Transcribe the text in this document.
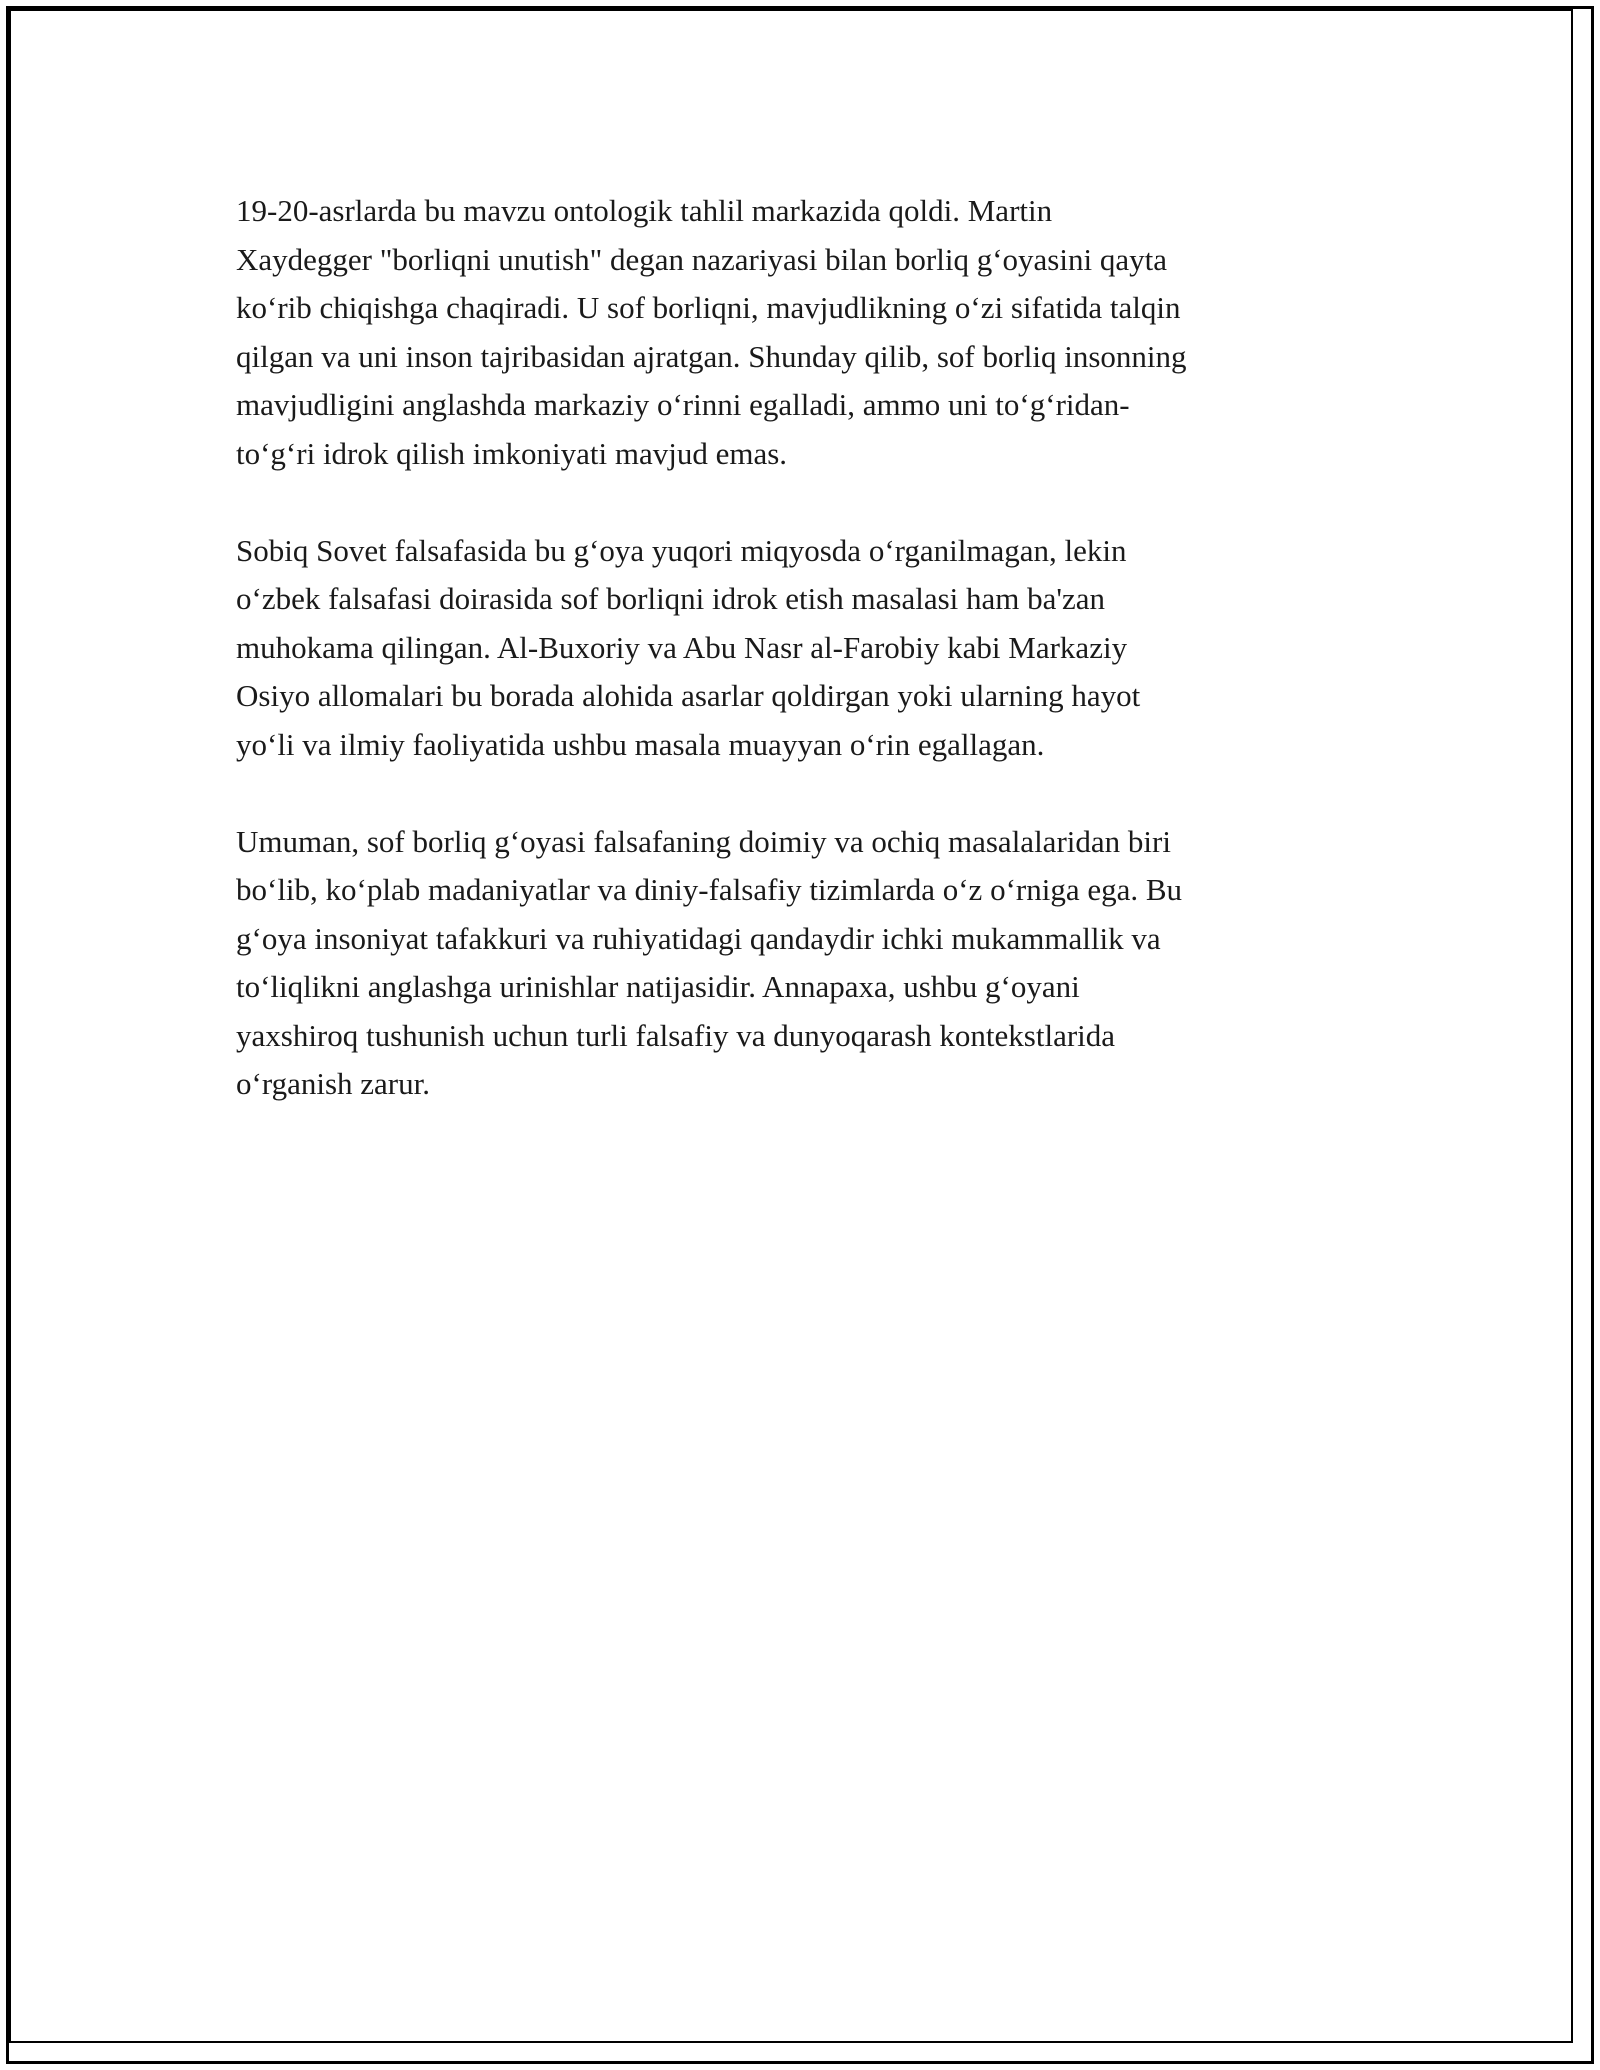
19-20-asrlarda bu mavzu ontologik tahlil markazida qoldi. Martin
Xaydegger "borliqni unutish" degan nazariyasi bilan borliq g‘oyasini qayta
ko‘rib chiqishga chaqiradi. U sof borliqni, mavjudlikning o‘zi sifatida talqin
qilgan va uni inson tajribasidan ajratgan. Shunday qilib, sof borliq insonning
mavjudligini anglashda markaziy o‘rinni egalladi, ammo uni to‘g‘ridan-
to‘g‘ri idrok qilish imkoniyati mavjud emas.

Sobiq Sovet falsafasida bu g‘oya yuqori miqyosda o‘rganilmagan, lekin
o‘zbek falsafasi doirasida sof borliqni idrok etish masalasi ham ba'zan
muhokama qilingan. Al-Buxoriy va Abu Nasr al-Farobiy kabi Markaziy
Osiyo allomalari bu borada alohida asarlar qoldirgan yoki ularning hayot
yo‘li va ilmiy faoliyatida ushbu masala muayyan o‘rin egallagan.

Umuman, sof borliq g‘oyasi falsafaning doimiy va ochiq masalalaridan biri
bo‘lib, ko‘plab madaniyatlar va diniy-falsafiy tizimlarda o‘z o‘rniga ega. Bu
g‘oya insoniyat tafakkuri va ruhiyatidagi qandaydir ichki mukammallik va
to‘liqlikni anglashga urinishlar natijasidir. Annapaxa, ushbu g‘oyani
yaxshiroq tushunish uchun turli falsafiy va dunyoqarash kontekstlarida
o‘rganish zarur.
